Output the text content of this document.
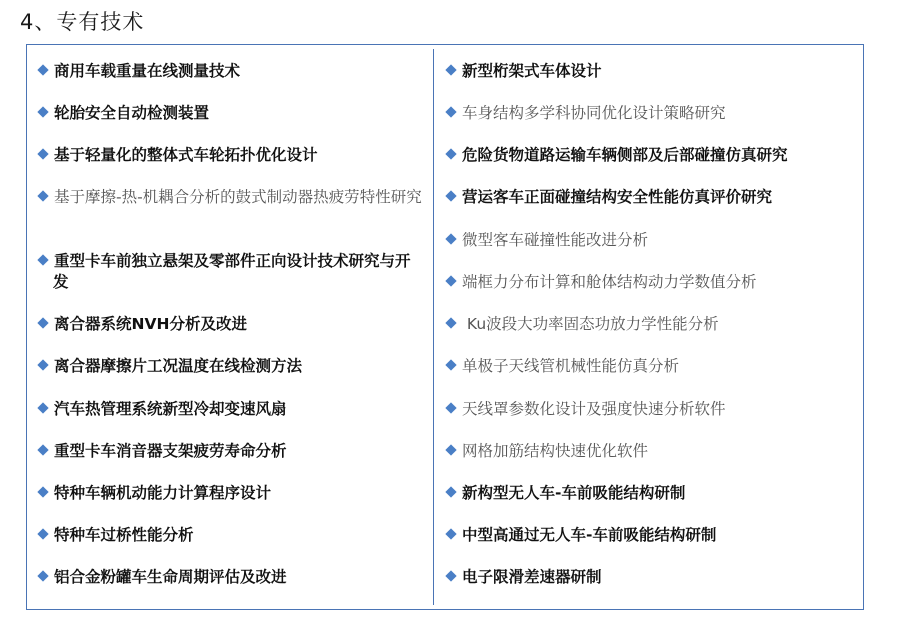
4、专有技术
商用车载重量在线测量技术
轮胎安全自动检测装置
基于轻量化的整体式车轮拓扑优化设计
基于摩擦-热-机耦合分析的鼓式制动器热疲劳特性研究
重型卡车前独立悬架及零部件正向设计技术研究与开发
离合器系统NVH分析及改进
离合器摩擦片工况温度在线检测方法
汽车热管理系统新型冷却变速风扇
重型卡车消音器支架疲劳寿命分析
特种车辆机动能力计算程序设计
特种车过桥性能分析
铝合金粉罐车生命周期评估及改进
新型桁架式车体设计
车身结构多学科协同优化设计策略研究
危险货物道路运输车辆侧部及后部碰撞仿真研究
营运客车正面碰撞结构安全性能仿真评价研究
微型客车碰撞性能改进分析
端框力分布计算和舱体结构动力学数值分析
Ku波段大功率固态功放力学性能分析
单极子天线管机械性能仿真分析
天线罩参数化设计及强度快速分析软件
网格加筋结构快速优化软件
新构型无人车-车前吸能结构研制
中型高通过无人车-车前吸能结构研制
电子限滑差速器研制
